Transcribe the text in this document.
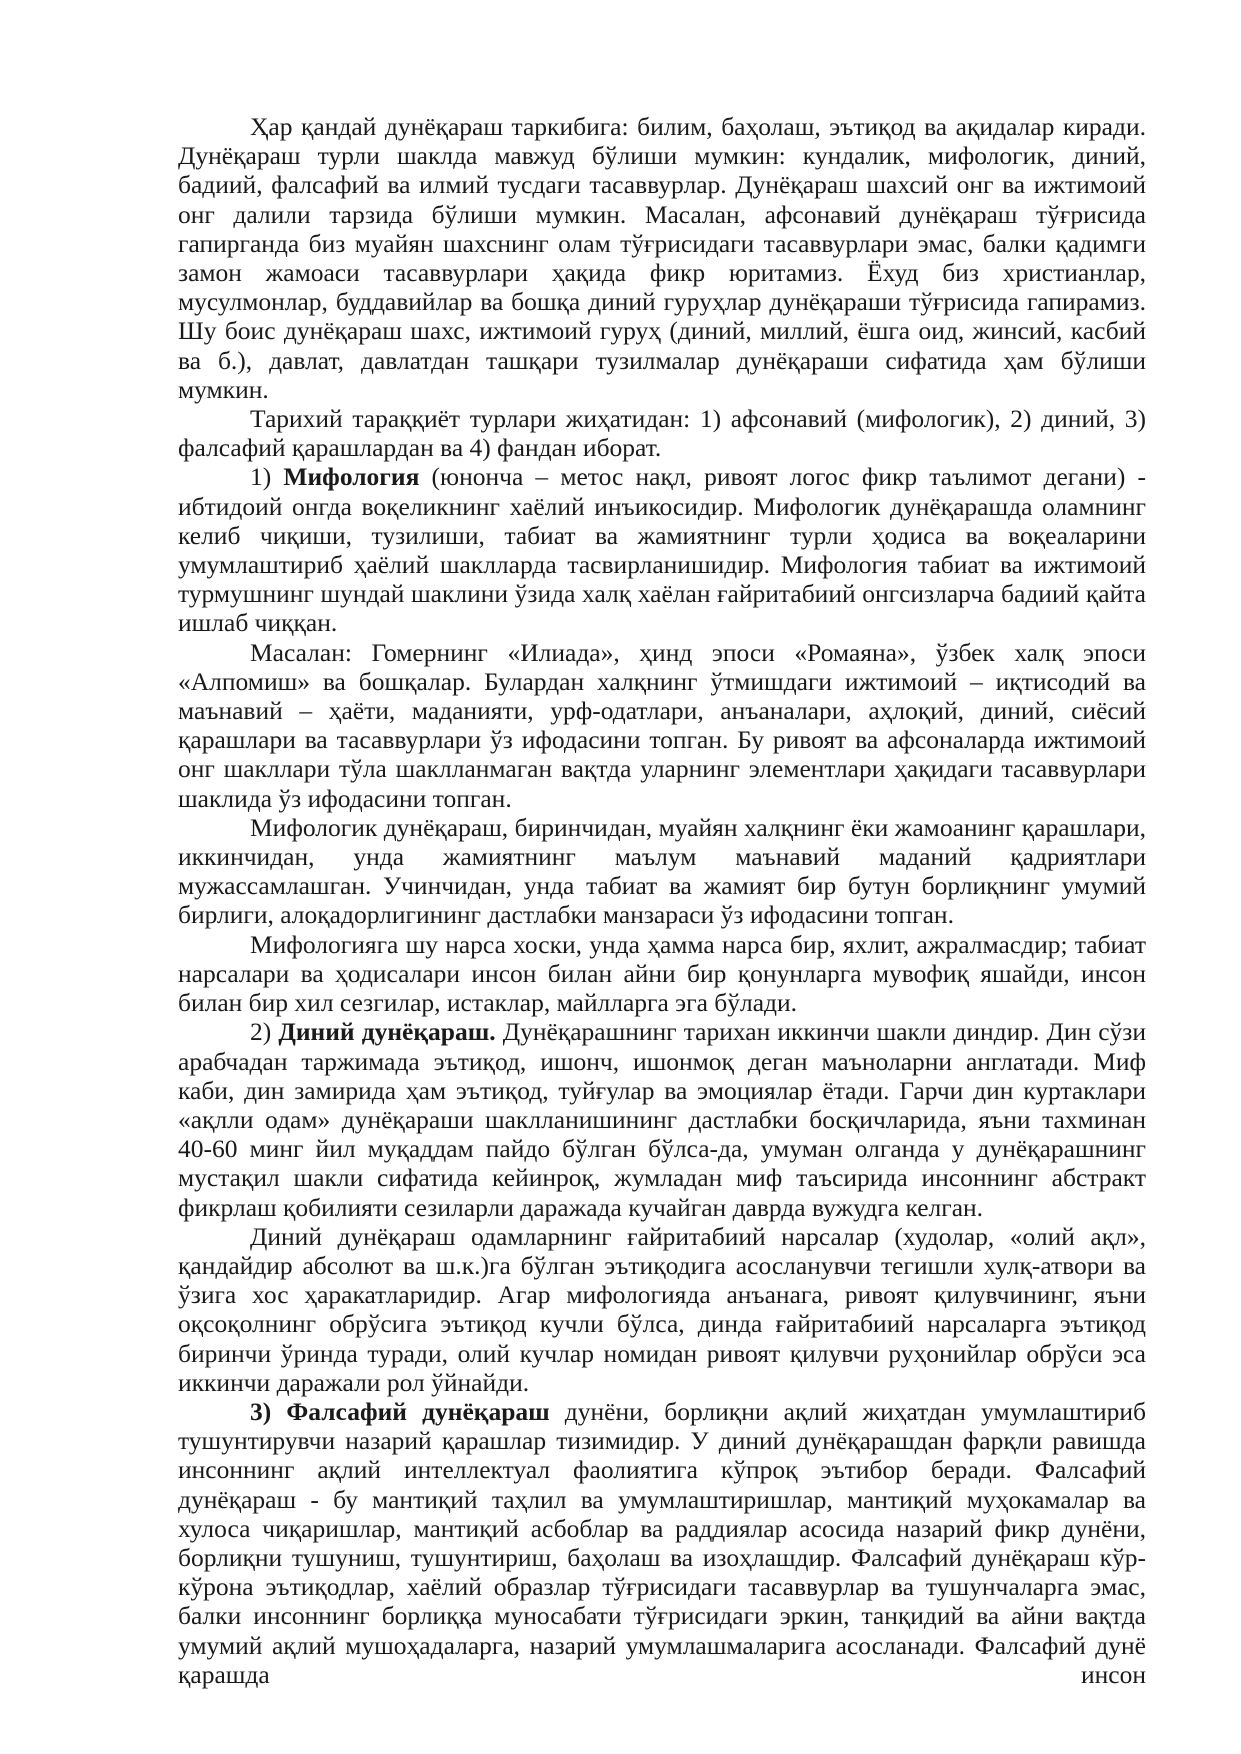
Ҳар қандай дунёқараш таркибига: билим, баҳолаш, эътиқод ва ақидалар киради. Дунёқараш турли шаклда мавжуд бўлиши мумкин: кундалик, мифологик, диний, бадиий, фалсафий ва илмий тусдаги тасаввурлар. Дунёқараш шахсий онг ва ижтимоий онг далили тарзида бўлиши мумкин. Масалан, афсонавий дунёқараш тўғрисида гапирганда биз муайян шахснинг олам тўғрисидаги тасаввурлари эмас, балки қадимги замон жамоаси тасаввурлари ҳақида фикр юритамиз. Ёхуд биз христианлар, мусулмонлар, буддавийлар ва бошқа диний гуруҳлар дунёқараши тўғрисида гапирамиз. Шу боис дунёқараш шахс, ижтимоий гуруҳ (диний, миллий, ёшга оид, жинсий, касбий ва б.), давлат, давлатдан ташқари тузилмалар дунёқараши сифатида ҳам бўлиши мумкин.

Тарихий тараққиёт турлари жиҳатидан: 1) афсонавий (мифологик), 2) диний, 3) фалсафий қарашлардан ва 4) фандан иборат.

1) Мифология (юнонча – метос нақл, ривоят логос фикр таълимот дегани) - ибтидоий онгда воқеликнинг хаёлий инъикосидир. Мифологик дунёқарашда оламнинг келиб чиқиши, тузилиши, табиат ва жамиятнинг турли ҳодиса ва воқеаларини умумлаштириб ҳаёлий шаклларда тасвирланишидир. Мифология табиат ва ижтимоий турмушнинг шундай шаклини ўзида халқ хаёлан ғайритабиий онгсизларча бадиий қайта ишлаб чиққан.

Масалан: Гомернинг «Илиада», ҳинд эпоси «Ромаяна», ўзбек халқ эпоси «Алпомиш» ва бошқалар. Булардан халқнинг ўтмишдаги ижтимоий – иқтисодий ва маънавий – ҳаёти, маданияти, урф-одатлари, анъаналари, аҳлоқий, диний, сиёсий қарашлари ва тасаввурлари ўз ифодасини топган. Бу ривоят ва афсоналарда ижтимоий онг шакллари тўла шаклланмаган вақтда уларнинг элементлари ҳақидаги тасаввурлари шаклида ўз ифодасини топган.

Мифологик дунёқараш, биринчидан, муайян халқнинг ёки жамоанинг қарашлари, иккинчидан, унда жамиятнинг маълум маънавий маданий қадриятлари мужассамлашган. Учинчидан, унда табиат ва жамият бир бутун борлиқнинг умумий бирлиги, алоқадорлигининг дастлабки манзараси ўз ифодасини топган.

Мифологияга шу нарса хоски, унда ҳамма нарса бир, яхлит, ажралмасдир; табиат нарсалари ва ҳодисалари инсон билан айни бир қонунларга мувофиқ яшайди, инсон билан бир хил сезгилар, истаклар, майлларга эга бўлади.

2) Диний дунёқараш. Дунёқарашнинг тарихан иккинчи шакли диндир. Дин сўзи арабчадан таржимада эътиқод, ишонч, ишонмоқ деган маъноларни англатади. Миф каби, дин замирида ҳам эътиқод, туйғулар ва эмоциялар ётади. Гарчи дин куртаклари «ақлли одам» дунёқараши шаклланишининг дастлабки босқичларида, яъни тахминан 40-60 минг йил муқаддам пайдо бўлган бўлса-да, умуман олганда у дунёқарашнинг мустақил шакли сифатида кейинроқ, жумладан миф таъсирида инсоннинг абстракт фикрлаш қобилияти сезиларли даражада кучайган даврда вужудга келган.

Диний дунёқараш одамларнинг ғайритабиий нарсалар (худолар, «олий ақл», қандайдир абсолют ва ш.к.)га бўлган эътиқодига асосланувчи тегишли хулқ-атвори ва ўзига хос ҳаракатларидир. Агар мифологияда анъанага, ривоят қилувчининг, яъни оқсоқолнинг обрўсига эътиқод кучли бўлса, динда ғайритабиий нарсаларга эътиқод биринчи ўринда туради, олий кучлар номидан ривоят қилувчи руҳонийлар обрўси эса иккинчи даражали рол ўйнайди.

3) Фалсафий дунёқараш дунёни, борлиқни ақлий жиҳатдан умумлаштириб тушунтирувчи назарий қарашлар тизимидир. У диний дунёқарашдан фарқли равишда инсоннинг ақлий интеллектуал фаолиятига кўпроқ эътибор беради. Фалсафий дунёқараш - бу мантиқий таҳлил ва умумлаштиришлар, мантиқий муҳокамалар ва хулоса чиқаришлар, мантиқий асбоблар ва раддиялар асосида назарий фикр дунёни, борлиқни тушуниш, тушунтириш, баҳолаш ва изоҳлашдир. Фалсафий дунёқараш кўр-кўрона эътиқодлар, хаёлий образлар тўғрисидаги тасаввурлар ва тушунчаларга эмас, балки инсоннинг борлиққа муносабати тўғрисидаги эркин, танқидий ва айни вақтда умумий ақлий мушоҳадаларга, назарий умумлашмаларига асосланади. Фалсафий дунё қарашда инсон
